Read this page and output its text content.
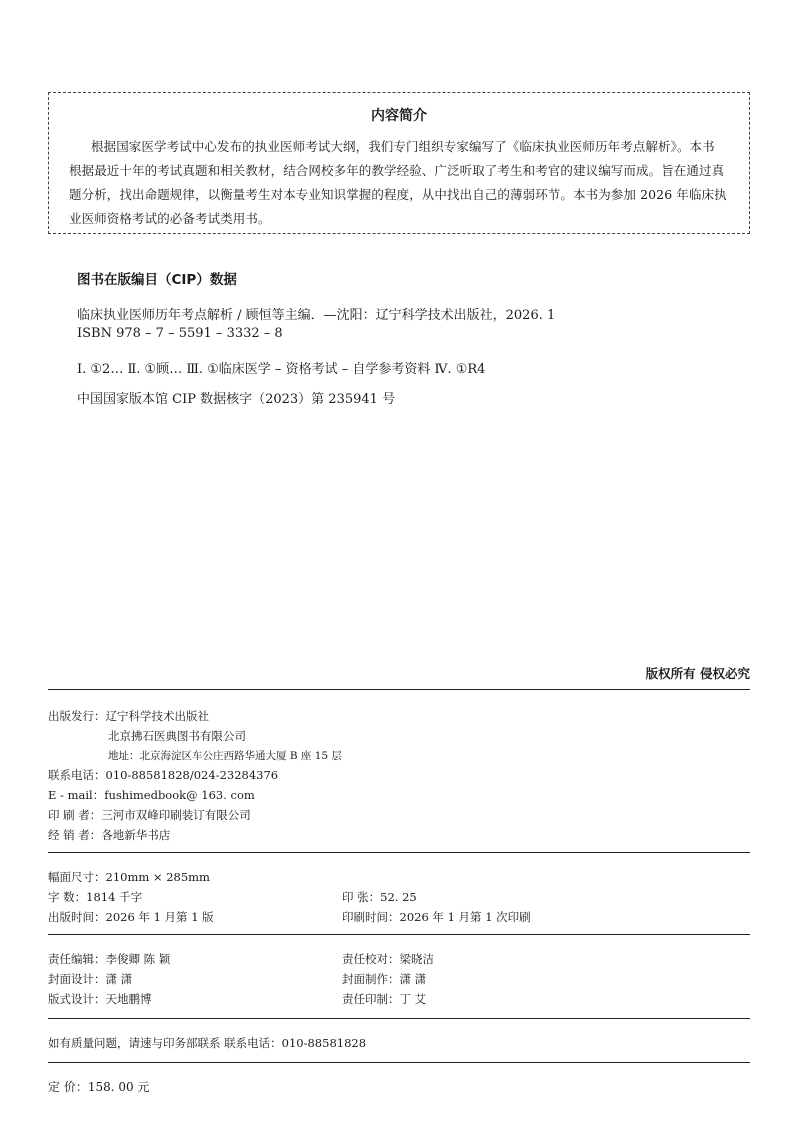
内容简介
根据国家医学考试中心发布的执业医师考试大纲，我们专门组织专家编写了《临床执业医师历年考点解析》。本书
根据最近十年的考试真题和相关教材，结合网校多年的教学经验、广泛听取了考生和考官的建议编写而成。旨在通过真
题分析，找出命题规律，以衡量考生对本专业知识掌握的程度，从中找出自己的薄弱环节。本书为参加 2026 年临床执
业医师资格考试的必备考试类用书。
图书在版编目（CIP）数据
临床执业医师历年考点解析 / 顾恒等主编．—沈阳：辽宁科学技术出版社，2026. 1
ISBN 978 – 7 – 5591 – 3332 – 8
Ⅰ. ①2… Ⅱ. ①顾… Ⅲ. ①临床医学 – 资格考试 – 自学参考资料 Ⅳ. ①R4
中国国家版本馆 CIP 数据核字（2023）第 235941 号
版权所有 侵权必究
出版发行：辽宁科学技术出版社
北京拂石医典图书有限公司
地址：北京海淀区车公庄西路华通大厦 B 座 15 层
联系电话：010-88581828/024-23284376
E - mail：fushimedbook@ 163. com
印 刷 者：三河市双峰印刷装订有限公司
经 销 者：各地新华书店
幅面尺寸：210mm × 285mm
字 数：1814 千字	印 张：52. 25
出版时间：2026 年 1 月第 1 版	印刷时间：2026 年 1 月第 1 次印刷
责任编辑：李俊卿 陈 颖	责任校对：梁晓洁
封面设计：潇 潇	封面制作：潇 潇
版式设计：天地鹏博	责任印制：丁 艾
如有质量问题，请速与印务部联系 联系电话：010-88581828
定 价：158. 00 元
